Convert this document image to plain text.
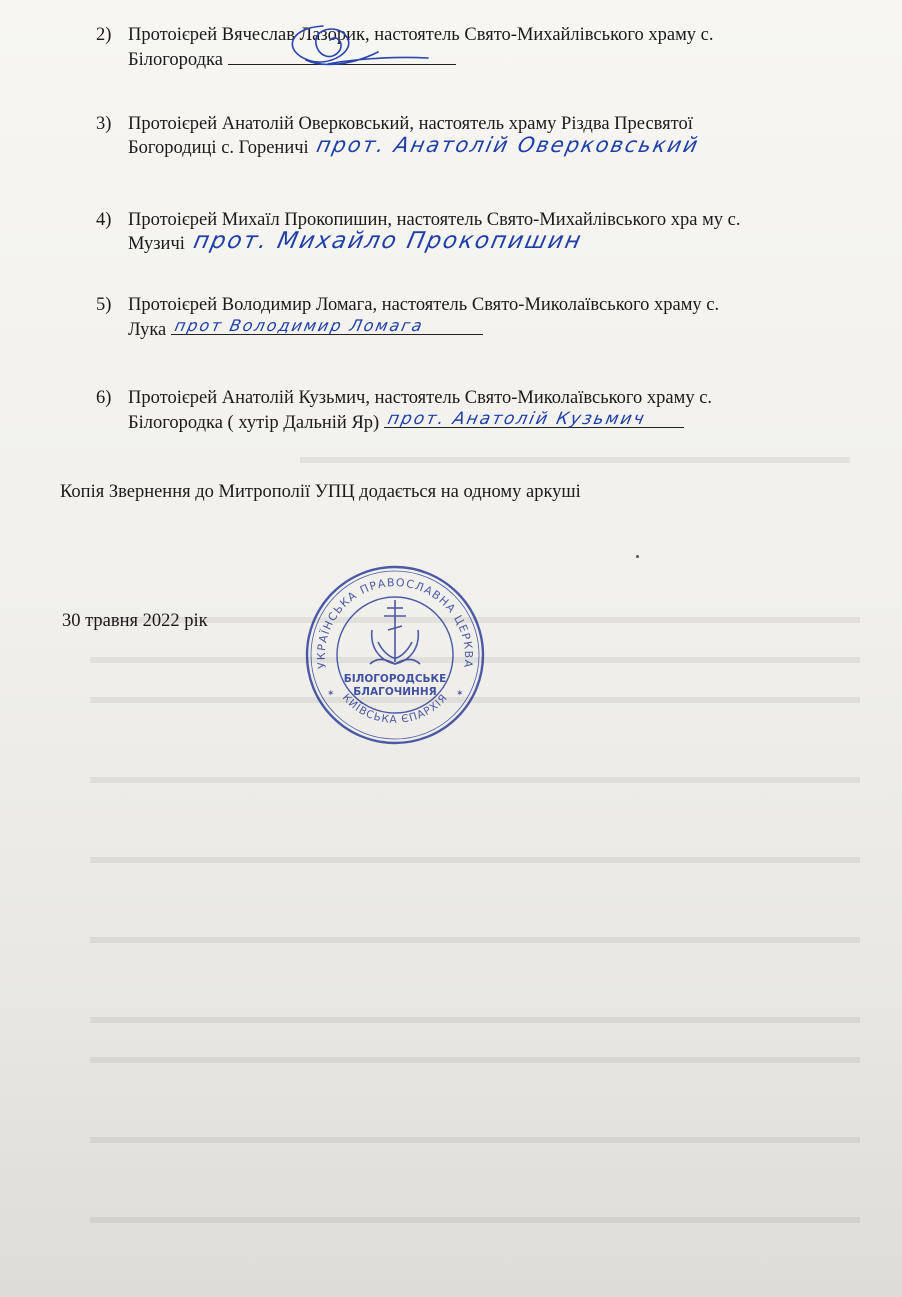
2) Протоієрей Вячеслав Лазорик, настоятель Свято-Михайлівського храму с.
Білогородка
3) Протоієрей Анатолій Оверковський, настоятель храму Різдва Пресвятої
Богородиці с. Гореничі прот. Анатолій Оверковський
4) Протоієрей Михаїл Прокопишин, настоятель Свято-Михайлівського хра му с.
Музичі прот. Михайло Прокопишин
5) Протоієрей Володимир Ломага, настоятель Свято-Миколаївського храму с.
Лука прот Володимир Ломага
6) Протоієрей Анатолій Кузьмич, настоятель Свято-Миколаївського храму с.
Білогородка ( хутір Дальній Яр) прот. Анатолій Кузьмич
Копія Звернення до Митрополії УПЦ додається на одному аркуші
30 травня 2022 рік
УКРАЇНСЬКА ПРАВОСЛАВНА ЦЕРКВА
КИЇВСЬКА ЄПАРХІЯ
✶	✶
БІЛОГОРОДСЬКЕ
БЛАГОЧИННЯ
